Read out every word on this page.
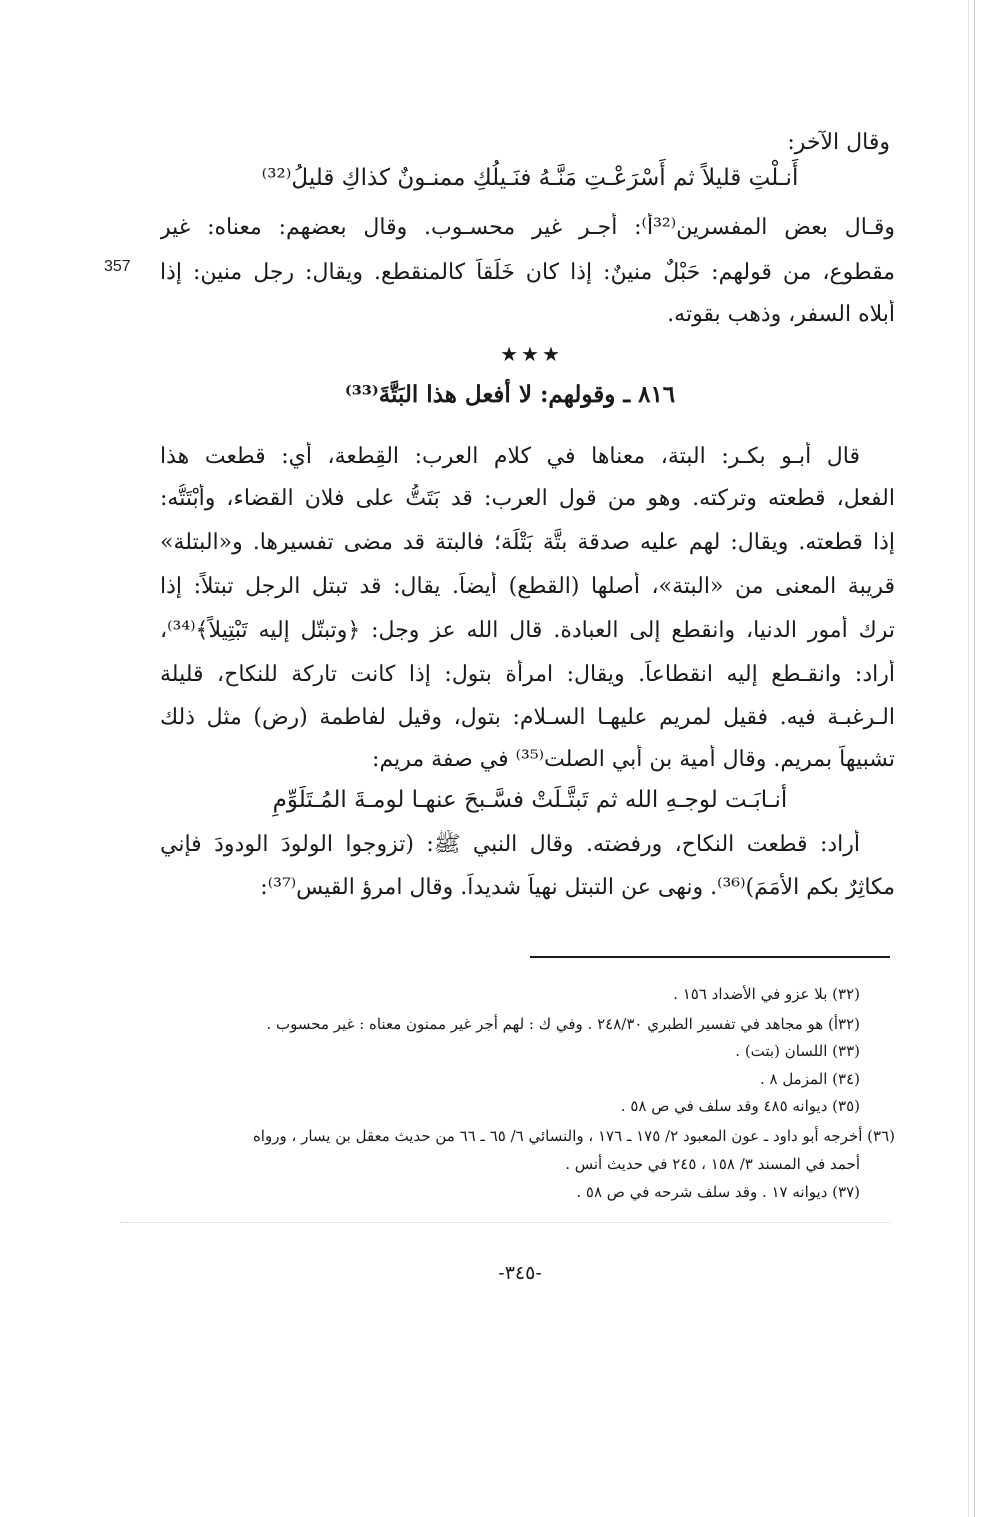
357
وقال الآخر:
أَنـلْتِ قليلاً ثم أَسْرَعْـتِ مَنَّـهُ فنَـيلُكِ ممنـونٌ كذاكِ قليلُ⁽³²⁾
وقـال بعض المفسرين⁽³²أ⁾: أجـر غير محسـوب. وقال بعضهم: معناه: غير
مقطوع، من قولهم: حَبْلٌ منينٌ: إذا كان خَلَقاً كالمنقطع. ويقال: رجل منين: إذا
أبلاه السفر، وذهب بقوته.
★★★
٨١٦ ـ وقولهم: لا أفعل هذا البَتَّةَ⁽³³⁾
قال أبـو بكـر: البتة، معناها في كلام العرب: القِطعة، أي: قطعت هذا
الفعل، قطعته وتركته. وهو من قول العرب: قد بَتَتُّ على فلان القضاء، وأَبْتَتُّه:
إذا قطعته. ويقال: لهم عليه صدقة بتَّة بَتْلَة؛ فالبتة قد مضى تفسيرها. و«البتلة»
قريبة المعنى من «البتة»، أصلها (القطع) أيضاً. يقال: قد تبتل الرجل تبتلاً: إذا
ترك أمور الدنيا، وانقطع إلى العبادة. قال الله عز وجل: ﴿وتبتّل إليه تَبْتِيلاً﴾⁽³⁴⁾،
أراد: وانقـطع إليه انقطاعاً. ويقال: امرأة بتول: إذا كانت تاركة للنكاح، قليلة
الـرغبـة فيه. فقيل لمريم عليهـا السـلام: بتول، وقيل لفاطمة (رض) مثل ذلك
تشبيهاً بمريم. وقال أمية بن أبي الصلت⁽³⁵⁾ في صفة مريم:
أنـابَـت لوجـهِ الله ثم تَبتَّـلَتْ فسَّـبحَ عنهـا لومـةَ المُـتَلَوِّمِ
أراد: قطعت النكاح، ورفضته. وقال النبي ﷺ: (تزوجوا الولودَ الودودَ فإني
مكاثِرٌ بكم الأُمَمَ)⁽³⁶⁾. ونهى عن التبتل نهياً شديداً. وقال امرؤ القيس⁽³⁷⁾:
(٣٢) بلا عزو في الأضداد ١٥٦ .
(٣٢أ) هو مجاهد في تفسير الطبري ٢٤٨/٣٠ . وفي ك : لهم أجر غير ممنون معناه : غير محسوب .
(٣٣) اللسان (بتت) .
(٣٤) المزمل ٨ .
(٣٥) ديوانه ٤٨٥ وقد سلف في ص ٥٨ .
(٣٦) أخرجه أبو داود ـ عون المعبود ٢/ ١٧٥ ـ ١٧٦ ، والنسائي ٦/ ٦٥ ـ ٦٦ من حديث معقل بن يسار ، ورواه
أحمد في المسند ٣/ ١٥٨ ، ٢٤٥ في حديث أنس .
(٣٧) ديوانه ١٧ . وقد سلف شرحه في ص ٥٨ .
-٣٤٥-
